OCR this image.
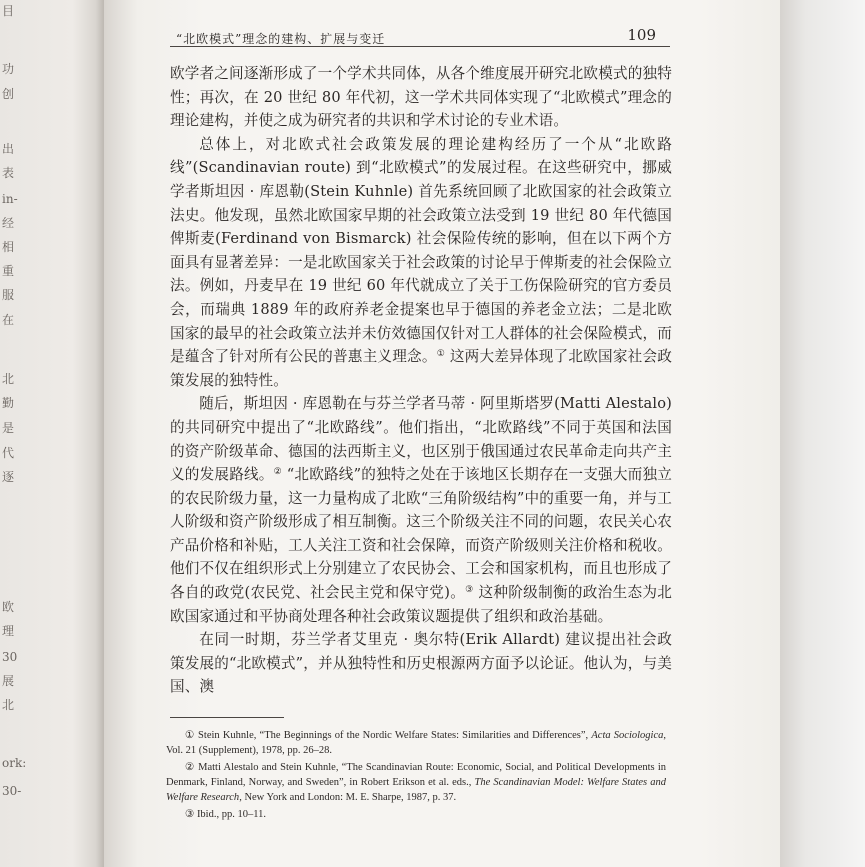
目
功
创
出
表
in-
经
相
重
服
在
北
勤
是
代
逐
欧
理
30
展
北
ork:
30-
“北欧模式”理念的建构、扩展与变迁	109

欧学者之间逐渐形成了一个学术共同体，从各个维度展开研究北欧模式的独特性；再次，在 20 世纪 80 年代初，这一学术共同体实现了“北欧模式”理念的理论建构，并使之成为研究者的共识和学术讨论的专业术语。

总体上，对北欧式社会政策发展的理论建构经历了一个从“北欧路线”(Scandinavian route) 到“北欧模式”的发展过程。在这些研究中，挪威学者斯坦因 · 库恩勒(Stein Kuhnle) 首先系统回顾了北欧国家的社会政策立法史。他发现，虽然北欧国家早期的社会政策立法受到 19 世纪 80 年代德国俾斯麦(Ferdinand von Bismarck) 社会保险传统的影响，但在以下两个方面具有显著差异：一是北欧国家关于社会政策的讨论早于俾斯麦的社会保险立法。例如，丹麦早在 19 世纪 60 年代就成立了关于工伤保险研究的官方委员会，而瑞典 1889 年的政府养老金提案也早于德国的养老金立法；二是北欧国家的最早的社会政策立法并未仿效德国仅针对工人群体的社会保险模式，而是蕴含了针对所有公民的普惠主义理念。① 这两大差异体现了北欧国家社会政策发展的独特性。

随后，斯坦因 · 库恩勒在与芬兰学者马蒂 · 阿里斯塔罗(Matti Alestalo) 的共同研究中提出了“北欧路线”。他们指出，“北欧路线”不同于英国和法国的资产阶级革命、德国的法西斯主义，也区别于俄国通过农民革命走向共产主义的发展路线。② “北欧路线”的独特之处在于该地区长期存在一支强大而独立的农民阶级力量，这一力量构成了北欧“三角阶级结构”中的重要一角，并与工人阶级和资产阶级形成了相互制衡。这三个阶级关注不同的问题，农民关心农产品价格和补贴，工人关注工资和社会保障，而资产阶级则关注价格和税收。他们不仅在组织形式上分别建立了农民协会、工会和国家机构，而且也形成了各自的政党(农民党、社会民主党和保守党)。③ 这种阶级制衡的政治生态为北欧国家通过和平协商处理各种社会政策议题提供了组织和政治基础。

在同一时期，芬兰学者艾里克 · 奥尔特(Erik Allardt) 建议提出社会政策发展的“北欧模式”，并从独特性和历史根源两方面予以论证。他认为，与美国、澳

① Stein Kuhnle, “The Beginnings of the Nordic Welfare States: Similarities and Differences”, Acta Sociologica, Vol. 21 (Supplement), 1978, pp. 26–28.

② Matti Alestalo and Stein Kuhnle, “The Scandinavian Route: Economic, Social, and Political Developments in Denmark, Finland, Norway, and Sweden”, in Robert Erikson et al. eds., The Scandinavian Model: Welfare States and Welfare Research, New York and London: M. E. Sharpe, 1987, p. 37.

③ Ibid., pp. 10–11.
